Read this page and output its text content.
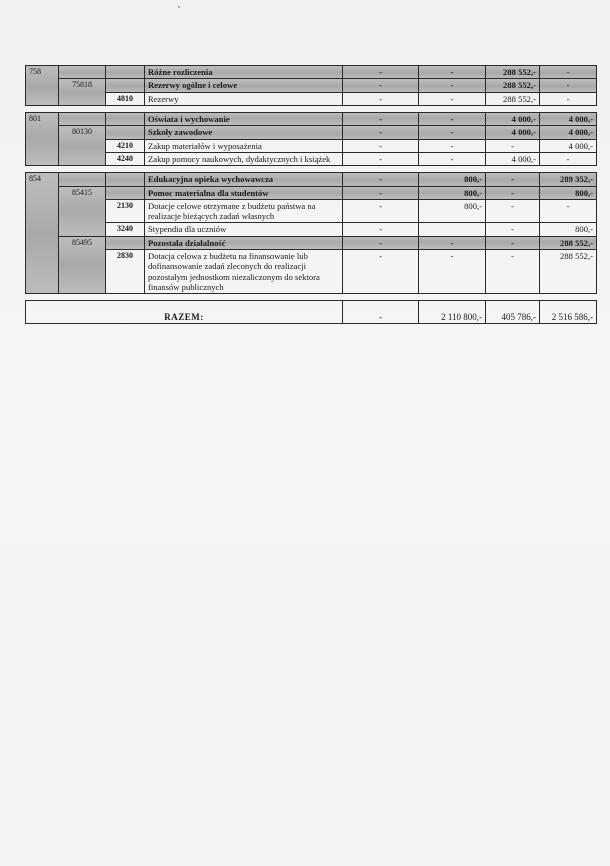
758			Różne rozliczenia	-	-	288 552,-	-
	75818		Rezerwy ogólne i celowe	-	-	288 552,-	-
		4810	Rezerwy	-	-	288 552,-	-

801			Oświata i wychowanie	-	-	4 000,-	4 000,-
	80130		Szkoły zawodowe	-	-	4 000,-	4 000,-
		4210	Zakup materiałów i wyposażenia	-	-	-	4 000,-
		4240	Zakup pomocy naukowych, dydaktycznych i książek	-	-	4 000,-	-

854			Edukacyjna opieka wychowawcza	-	800,-	-	289 352,-
	85415		Pomoc materialna dla studentów	-	800,-	-	800,-
		2130	Dotacje celowe otrzymane z budżetu państwa na realizacje bieżących zadań własnych	-	800,-	-	-
		3240	Stypendia dla uczniów	-		-	800,-
	85495		Pozostała działalność	-	-	-	288 552,-
		2830	Dotacja celowa z budżetu na finansowanie lub dofinansowanie zadań zleconych do realizacji pozostałym jednostkom niezaliczonym do sektora finansów publicznych	-	-	-	288 552,-

RAZEM:				-	2 110 800,-	405 786,-	2 516 586,-
